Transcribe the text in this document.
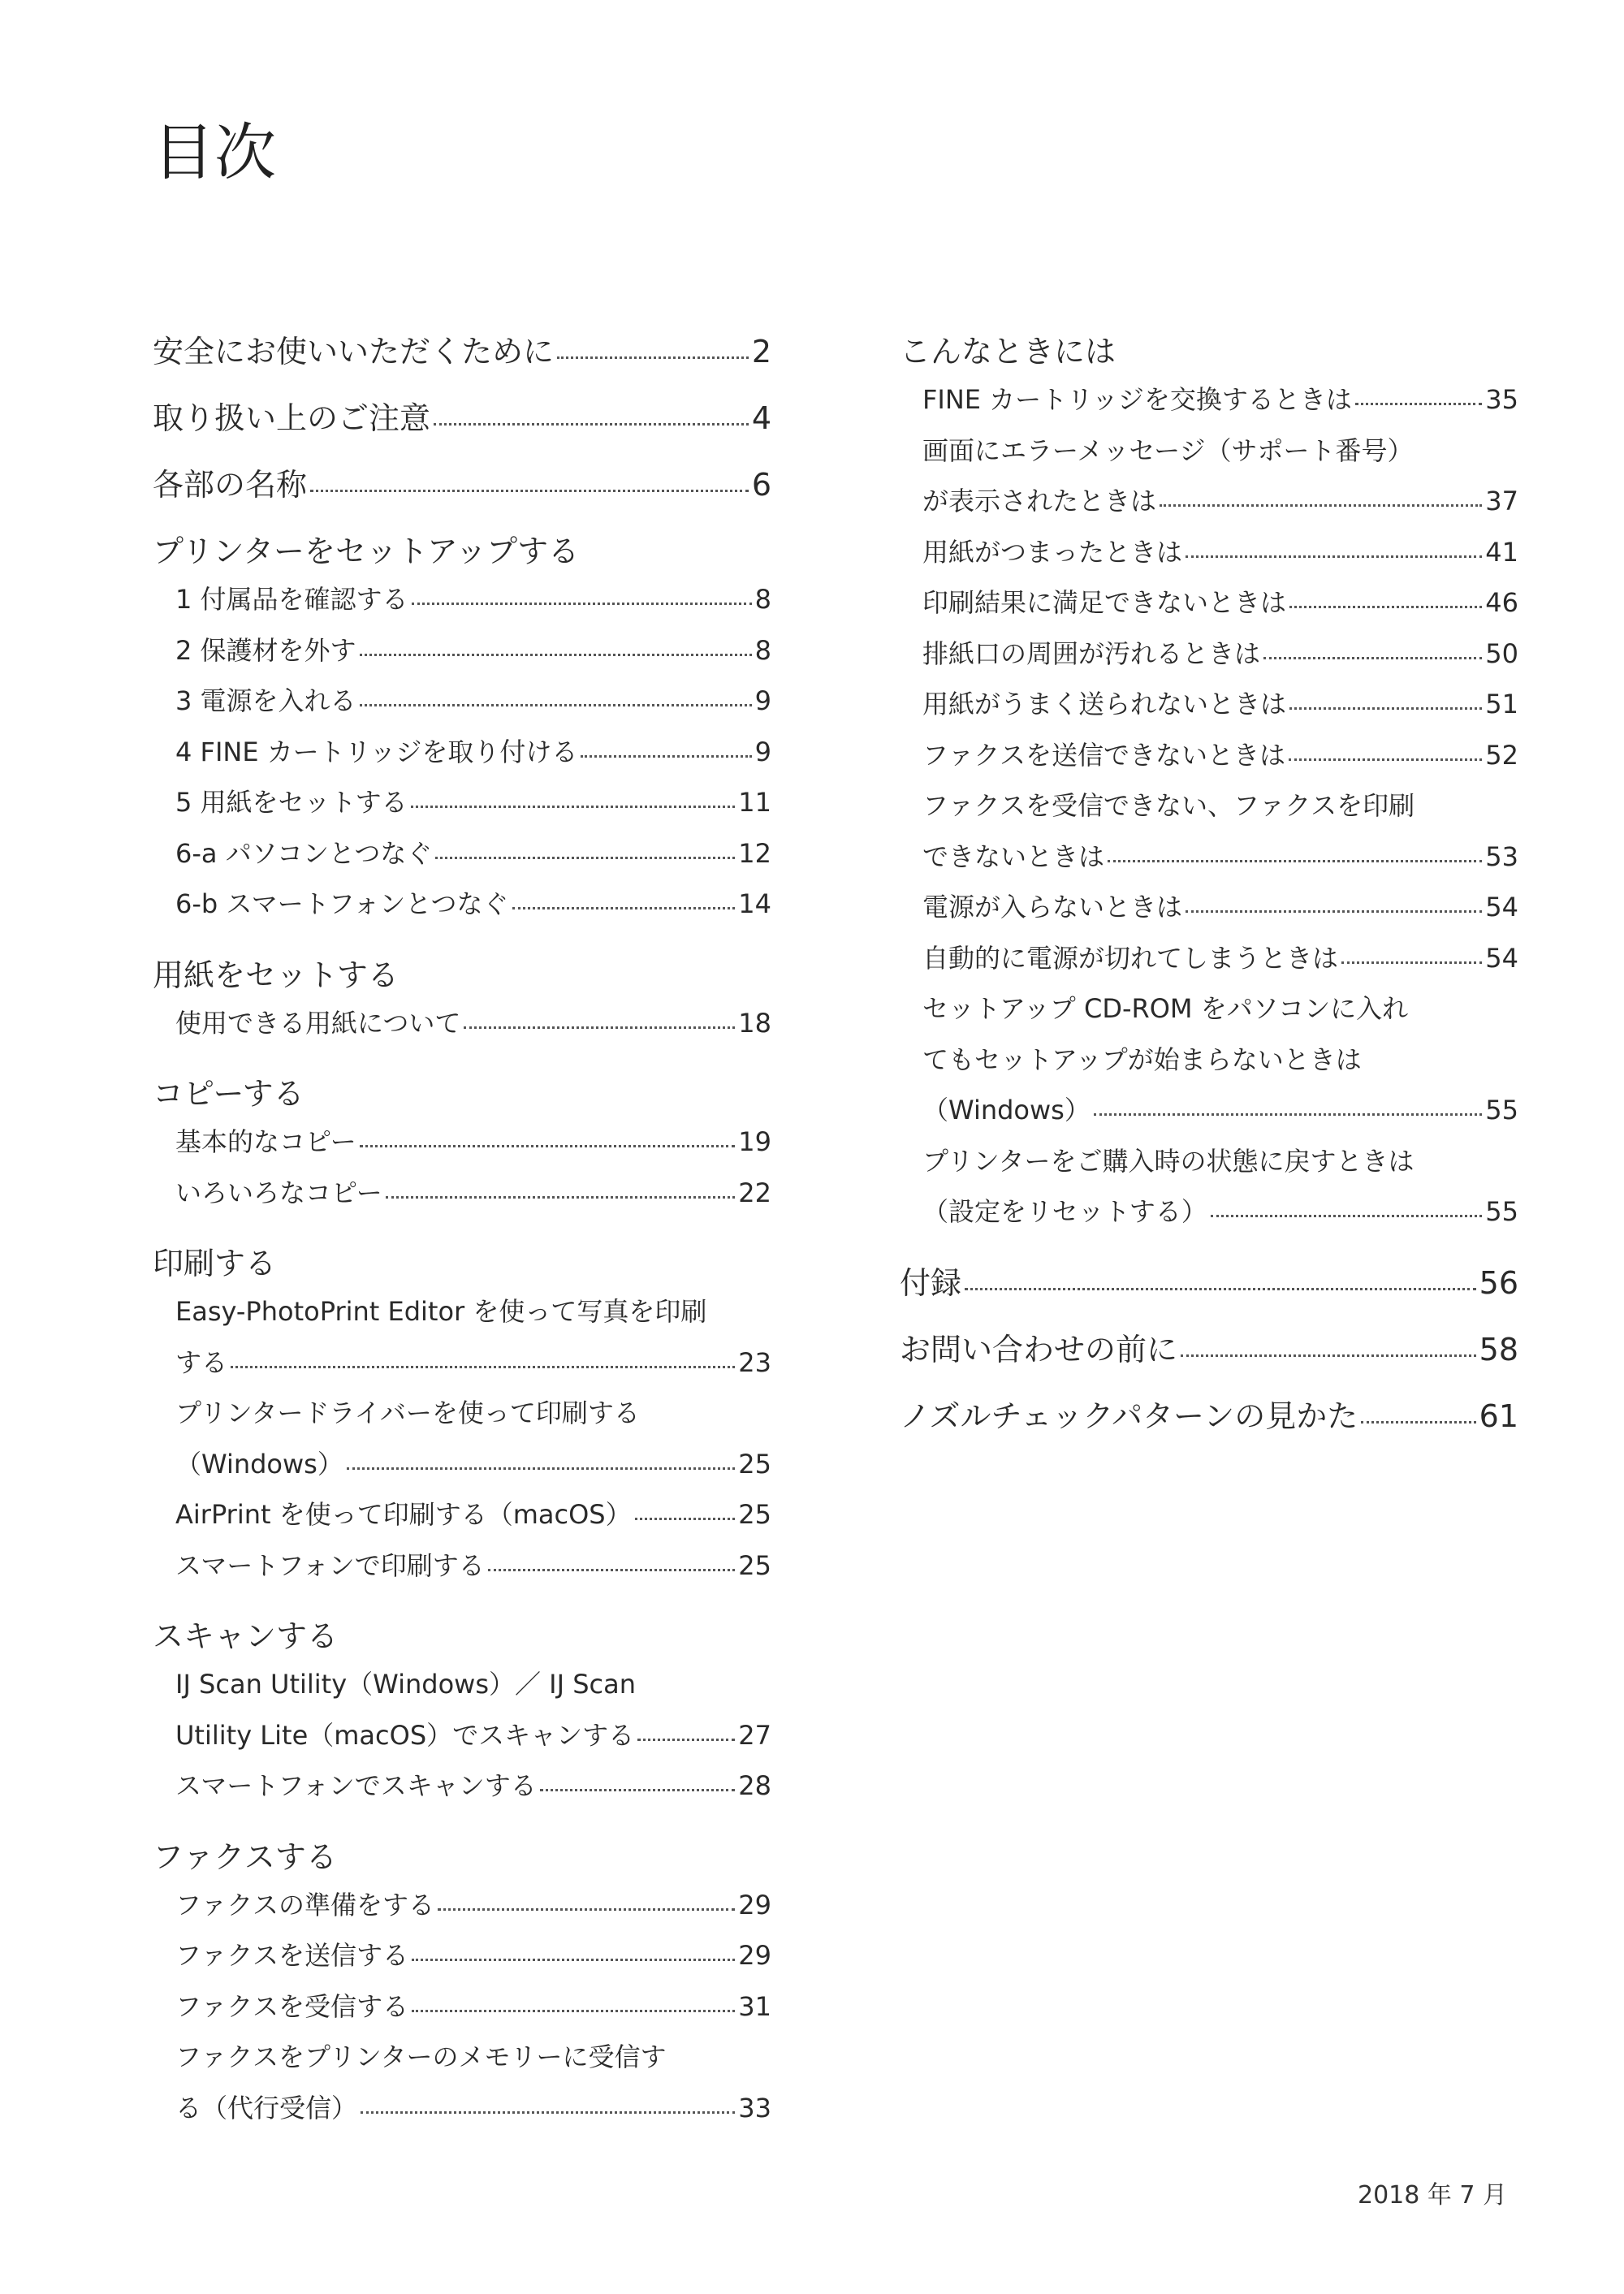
目次
安全にお使いいただくために	2
取り扱い上のご注意	4
各部の名称	6
プリンターをセットアップする
1 付属品を確認する	8
2 保護材を外す	8
3 電源を入れる	9
4 FINE カートリッジを取り付ける	9
5 用紙をセットする	11
6-a パソコンとつなぐ	12
6-b スマートフォンとつなぐ	14
用紙をセットする
使用できる用紙について	18
コピーする
基本的なコピー	19
いろいろなコピー	22
印刷する
Easy-PhotoPrint Editor を使って写真を印刷
する	23
プリンタードライバーを使って印刷する
（Windows）	25
AirPrint を使って印刷する（macOS）	25
スマートフォンで印刷する	25
スキャンする
IJ Scan Utility（Windows）／ IJ Scan
Utility Lite（macOS）でスキャンする	27
スマートフォンでスキャンする	28
ファクスする
ファクスの準備をする	29
ファクスを送信する	29
ファクスを受信する	31
ファクスをプリンターのメモリーに受信す
る（代行受信）	33
こんなときには
FINE カートリッジを交換するときは	35
画面にエラーメッセージ（サポート番号）
が表示されたときは	37
用紙がつまったときは	41
印刷結果に満足できないときは	46
排紙口の周囲が汚れるときは	50
用紙がうまく送られないときは	51
ファクスを送信できないときは	52
ファクスを受信できない、ファクスを印刷
できないときは	53
電源が入らないときは	54
自動的に電源が切れてしまうときは	54
セットアップ CD-ROM をパソコンに入れ
てもセットアップが始まらないときは
（Windows）	55
プリンターをご購入時の状態に戻すときは
（設定をリセットする）	55
付録	56
お問い合わせの前に	58
ノズルチェックパターンの見かた	61
2018 年 7 月
